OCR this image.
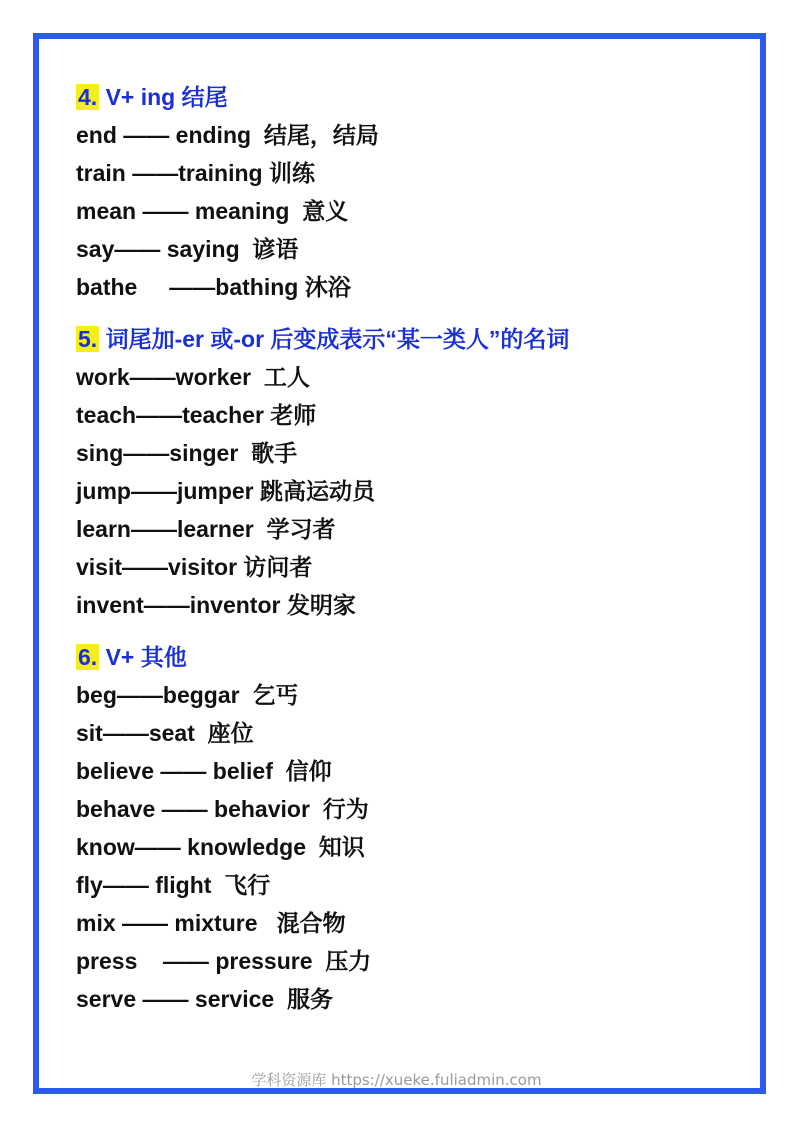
4. V+ ing 结尾
end —— ending  结尾，结局
train ——training 训练
mean —— meaning  意义
say—— saying  谚语
bathe     ——bathing 沐浴
5. 词尾加-er 或-or 后变成表示“某一类人”的名词
work——worker  工人
teach——teacher 老师
sing——singer  歌手
jump——jumper 跳高运动员
learn——learner  学习者
visit——visitor 访问者
invent——inventor 发明家
6. V+ 其他
beg——beggar  乞丐
sit——seat  座位
believe —— belief  信仰
behave —— behavior  行为
know—— knowledge  知识
fly—— flight  飞行
mix —— mixture   混合物
press    —— pressure  压力
serve —— service  服务
学科资源库 https://xueke.fuliadmin.com
